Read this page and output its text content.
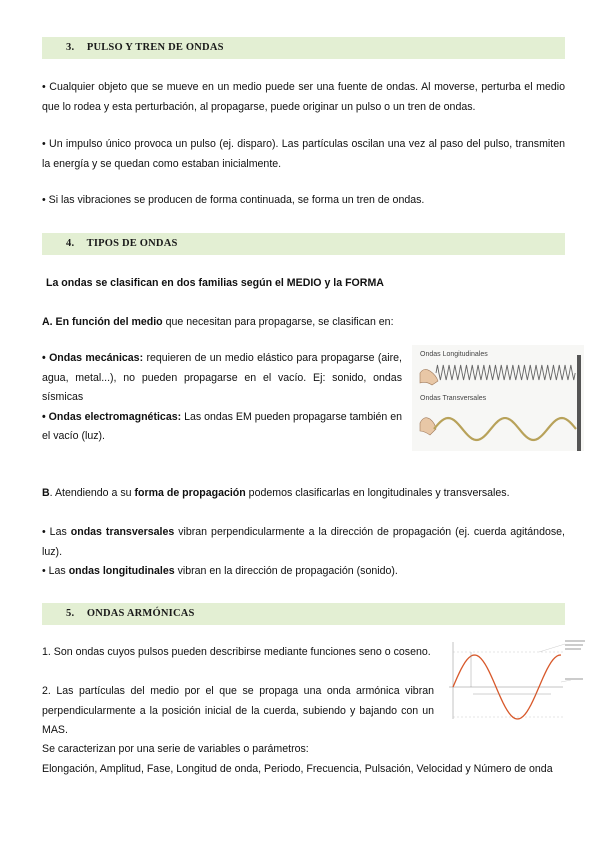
3. PULSO Y TREN DE ONDAS

• Cualquier objeto que se mueve en un medio puede ser una fuente de ondas. Al moverse, perturba el medio que lo rodea y esta perturbación, al propagarse, puede originar un pulso o un tren de ondas.

• Un impulso único provoca un pulso (ej. disparo). Las partículas oscilan una vez al paso del pulso, transmiten la energía y se quedan como estaban inicialmente.

• Si las vibraciones se producen de forma continuada, se forma un tren de ondas.

4. TIPOS DE ONDAS

La ondas se clasifican en dos familias según el MEDIO y la FORMA

A. En función del medio que necesitan para propagarse, se clasifican en:

• Ondas mecánicas: requieren de un medio elástico para propagarse (aire, agua, metal...), no pueden propagarse en el vacío. Ej: sonido, ondas sísmicas
• Ondas electromagnéticas: Las ondas EM pueden propagarse también en el vacío (luz).

Ondas Longitudinales
Ondas Transversales

B. Atendiendo a su forma de propagación podemos clasificarlas en longitudinales y transversales.

• Las ondas transversales vibran perpendicularmente a la dirección de propagación (ej. cuerda agitándose, luz).
• Las ondas longitudinales vibran en la dirección de propagación (sonido).

5. ONDAS ARMÓNICAS

1. Son ondas cuyos pulsos pueden describirse mediante funciones seno o coseno.

2. Las partículas del medio por el que se propaga una onda armónica vibran perpendicularmente a la posición inicial de la cuerda, subiendo y bajando con un MAS.

Se caracterizan por una serie de variables o parámetros:

Elongación, Amplitud, Fase, Longitud de onda, Periodo, Frecuencia, Pulsación, Velocidad y Número de onda
